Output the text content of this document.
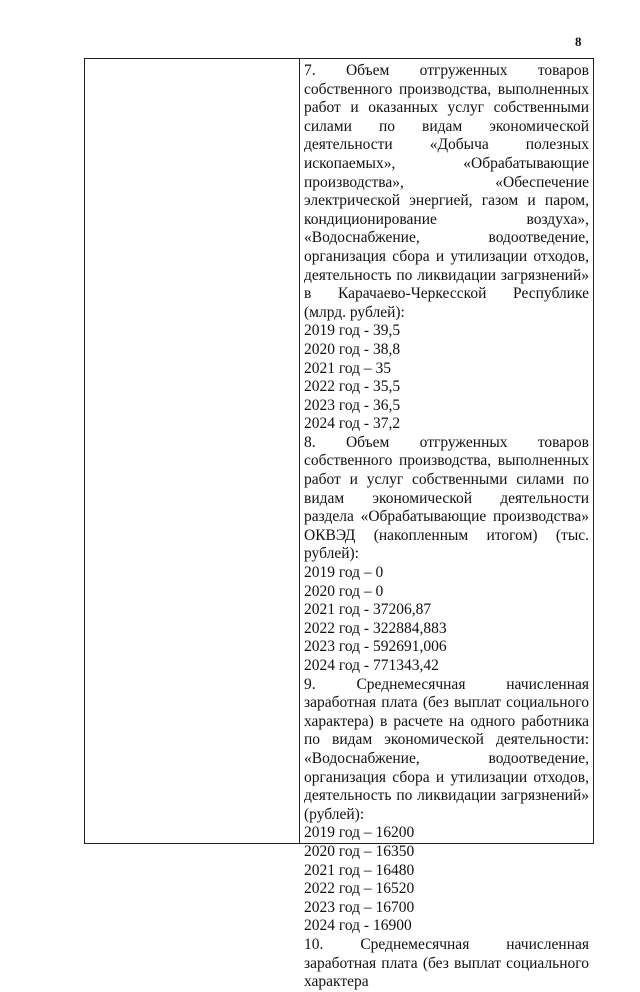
8

7. Объем отгруженных товаров собственного производства, выполненных работ и оказанных услуг собственными силами по видам экономической деятельности «Добыча полезных ископаемых», «Обрабатывающие производства», «Обеспечение электрической энергией, газом и паром, кондиционирование воздуха», «Водоснабжение, водоотведение, организация сбора и утилизации отходов, деятельность по ликвидации загрязнений» в Карачаево-Черкесской Республике (млрд. рублей):

2019 год - 39,5

2020 год - 38,8

2021 год – 35

2022 год - 35,5

2023 год - 36,5

2024 год - 37,2

8. Объем отгруженных товаров собственного производства, выполненных работ и услуг собственными силами по видам экономической деятельности раздела «Обрабатывающие производства» ОКВЭД (накопленным итогом) (тыс. рублей):

2019 год – 0

2020 год – 0

2021 год - 37206,87

2022 год - 322884,883

2023 год - 592691,006

2024 год - 771343,42

9. Среднемесячная начисленная заработная плата (без выплат социального характера) в расчете на одного работника по видам экономической деятельности: «Водоснабжение, водоотведение, организация сбора и утилизации отходов, деятельность по ликвидации загрязнений» (рублей):

2019 год – 16200

2020 год – 16350

2021 год – 16480

2022 год – 16520

2023 год – 16700

2024 год - 16900

10. Среднемесячная начисленная заработная плата (без выплат социального характера
